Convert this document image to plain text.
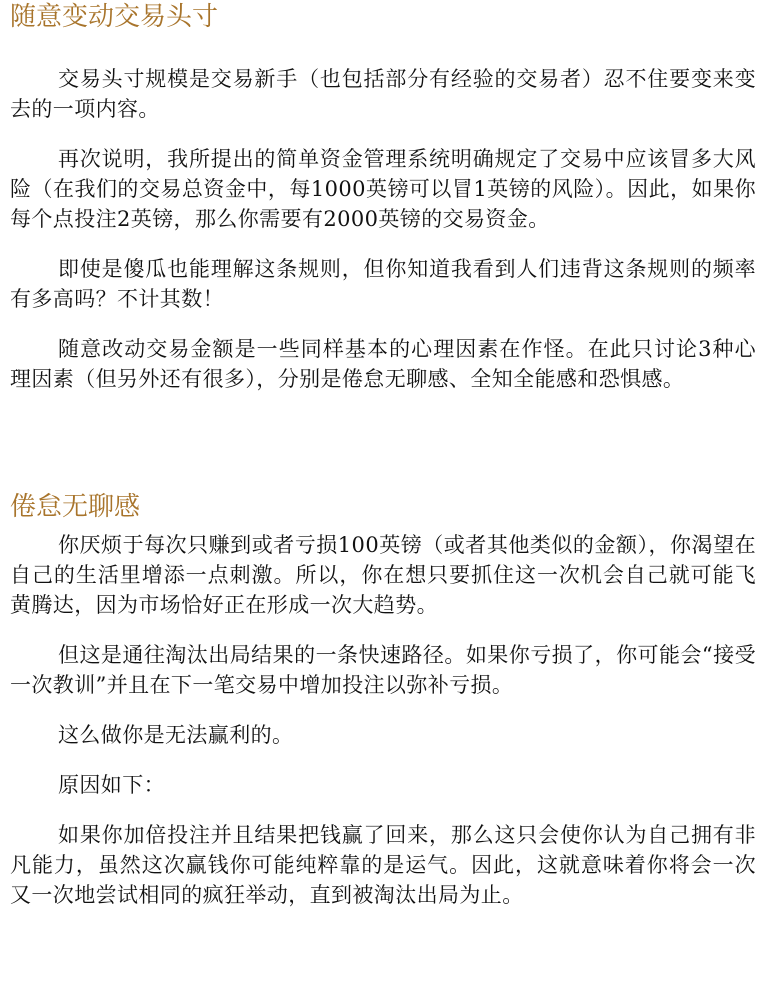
随意变动交易头寸

交易头寸规模是交易新手（也包括部分有经验的交易者）忍不住要变来变去的一项内容。

再次说明，我所提出的简单资金管理系统明确规定了交易中应该冒多大风险（在我们的交易总资金中，每1000英镑可以冒1英镑的风险）。因此，如果你每个点投注2英镑，那么你需要有2000英镑的交易资金。

即使是傻瓜也能理解这条规则，但你知道我看到人们违背这条规则的频率有多高吗？不计其数！

随意改动交易金额是一些同样基本的心理因素在作怪。在此只讨论3种心理因素（但另外还有很多），分别是倦怠无聊感、全知全能感和恐惧感。

倦怠无聊感

你厌烦于每次只赚到或者亏损100英镑（或者其他类似的金额），你渴望在自己的生活里增添一点刺激。所以，你在想只要抓住这一次机会自己就可能飞黄腾达，因为市场恰好正在形成一次大趋势。

但这是通往淘汰出局结果的一条快速路径。如果你亏损了，你可能会“接受一次教训”并且在下一笔交易中增加投注以弥补亏损。

这么做你是无法赢利的。

原因如下：

如果你加倍投注并且结果把钱赢了回来，那么这只会使你认为自己拥有非凡能力，虽然这次赢钱你可能纯粹靠的是运气。因此，这就意味着你将会一次又一次地尝试相同的疯狂举动，直到被淘汰出局为止。
